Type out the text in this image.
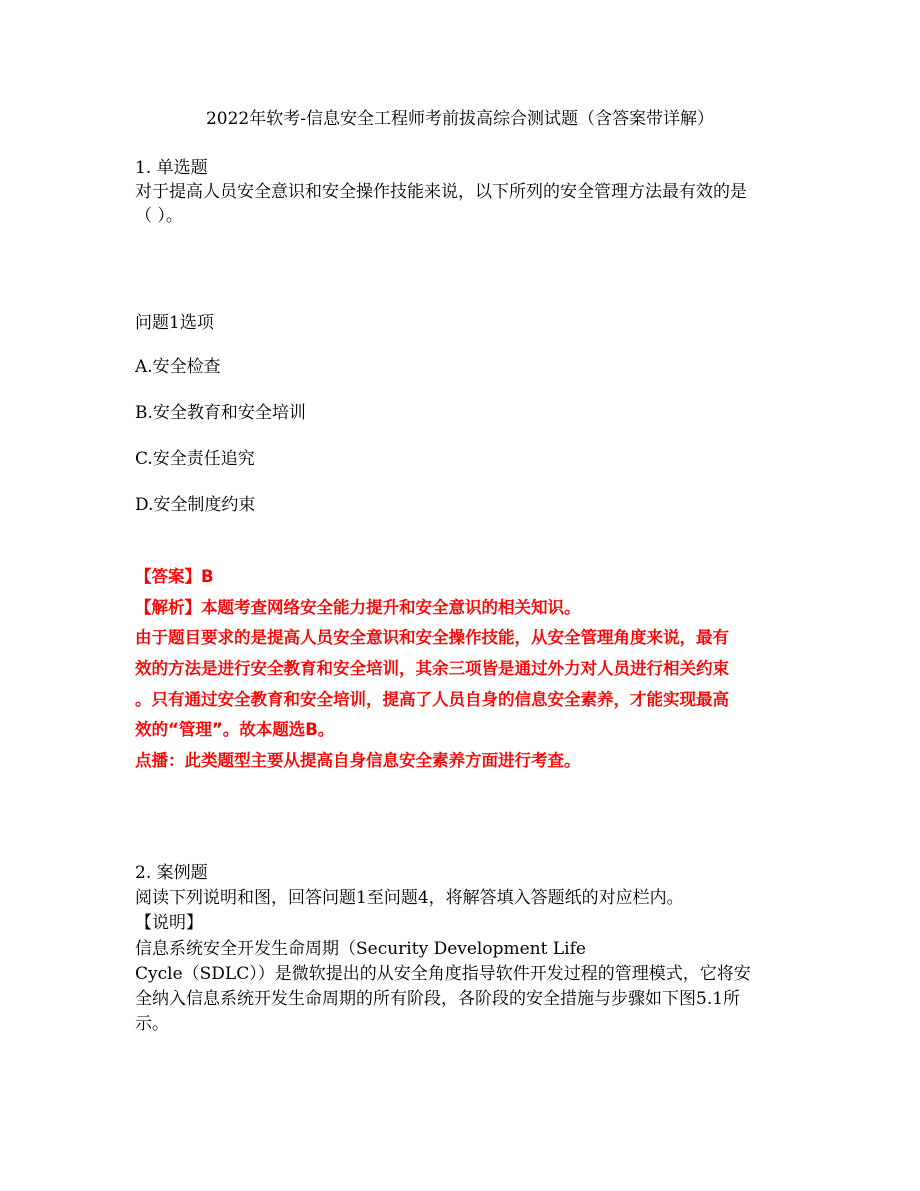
2022年软考-信息安全工程师考前拔高综合测试题（含答案带详解）
1. 单选题
对于提高人员安全意识和安全操作技能来说，以下所列的安全管理方法最有效的是
（ ）。
问题1选项
A.安全检查
B.安全教育和安全培训
C.安全责任追究
D.安全制度约束
【答案】B
【解析】本题考查网络安全能力提升和安全意识的相关知识。
由于题目要求的是提高人员安全意识和安全操作技能，从安全管理角度来说，最有
效的方法是进行安全教育和安全培训，其余三项皆是通过外力对人员进行相关约束
。只有通过安全教育和安全培训，提高了人员自身的信息安全素养，才能实现最高
效的“管理”。故本题选B。
点播：此类题型主要从提高自身信息安全素养方面进行考查。
2. 案例题
阅读下列说明和图，回答问题1至问题4，将解答填入答题纸的对应栏内。
【说明】
信息系统安全开发生命周期（Security Development Life
Cycle（SDLC））是微软提出的从安全角度指导软件开发过程的管理模式，它将安
全纳入信息系统开发生命周期的所有阶段，各阶段的安全措施与步骤如下图5.1所
示。
